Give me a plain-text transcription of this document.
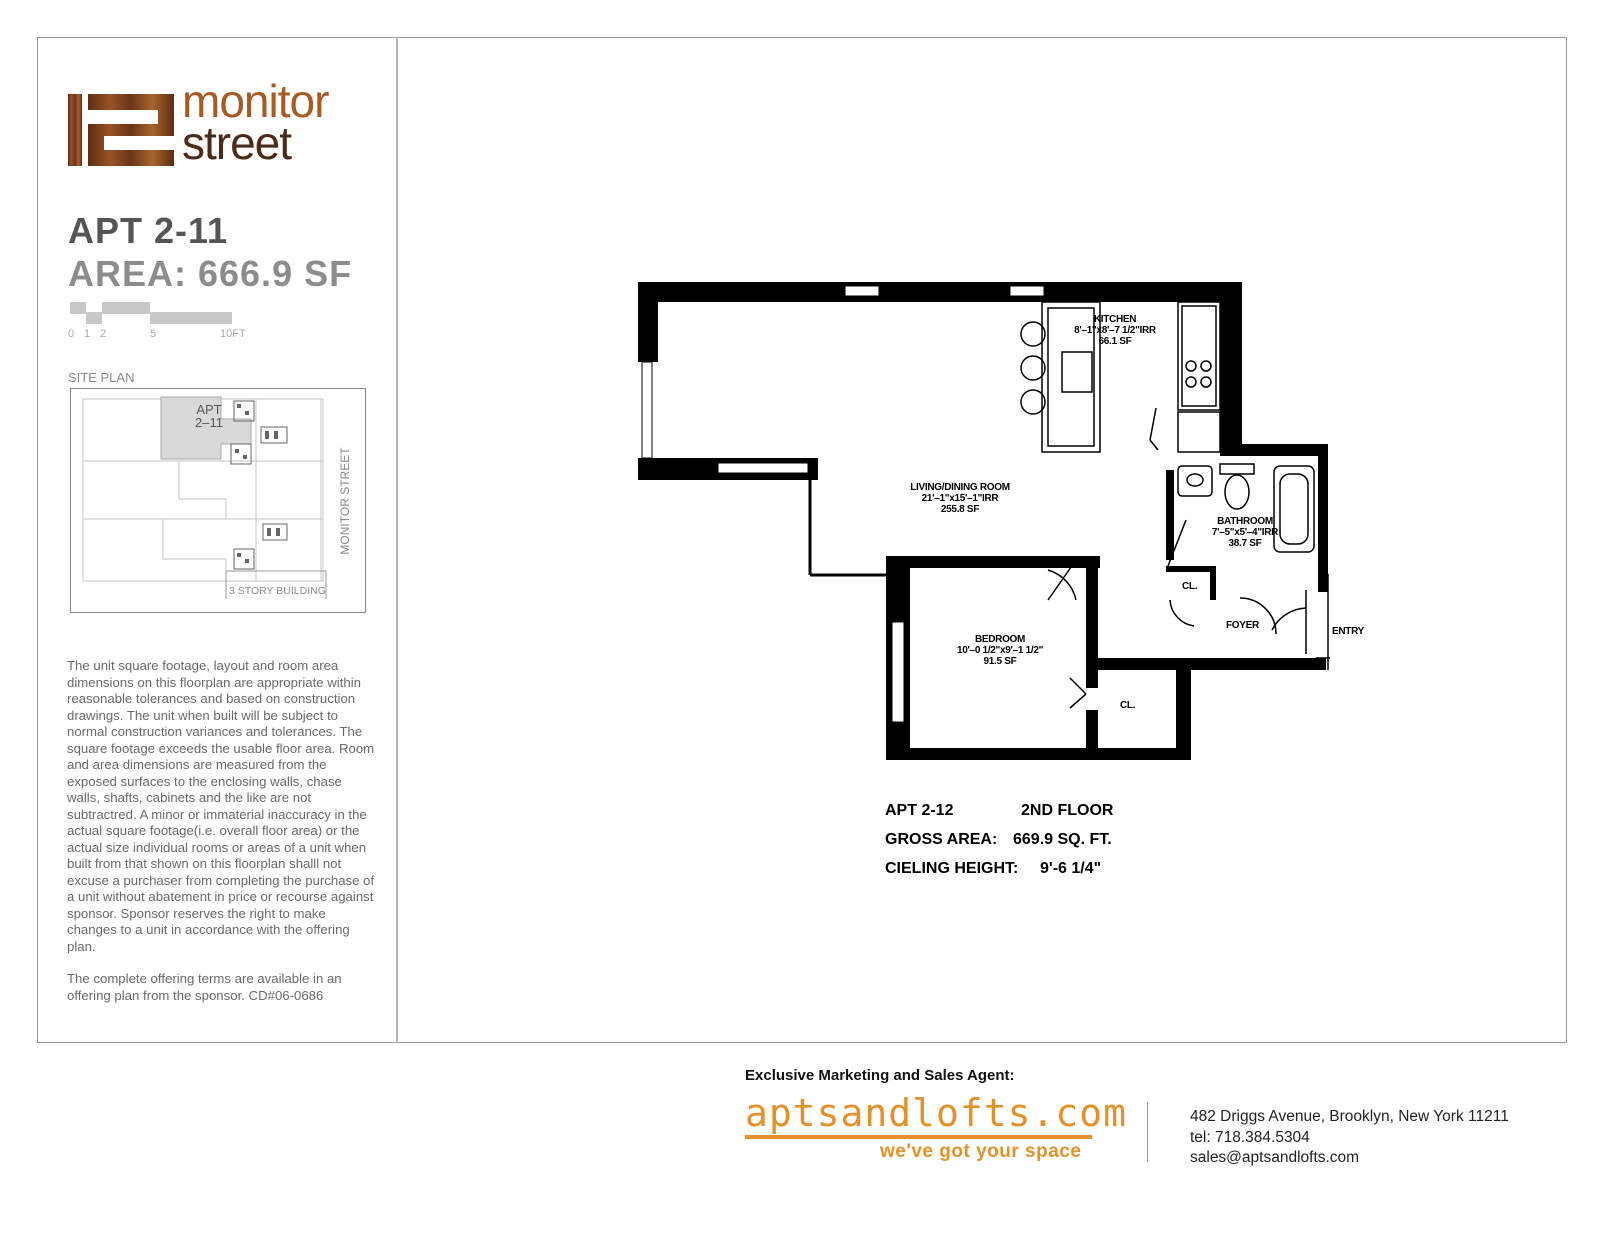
monitor
street
APT 2-11
AREA: 666.9 SF
0 1 2	5	10FT
SITE PLAN
APT
2–11
MONITOR STREET
3 STORY BUILDING

The unit square footage, layout and room area dimensions on this floorplan are appropriate within reasonable tolerances and based on construction drawings. The unit when built will be subject to normal construction variances and tolerances. The square footage exceeds the usable floor area. Room and area dimensions are measured from the exposed surfaces to the enclosing walls, chase walls, shafts, cabinets and the like are not subtractred. A minor or immaterial inaccuracy in the actual square footage(i.e. overall floor area) or the actual size individual rooms or areas of a unit when built from that shown on this floorplan shalll not excuse a purchaser from completing the purchase of a unit without abatement in price or recourse against sponsor. Sponsor reserves the right to make changes to a unit in accordance with the offering plan.

The complete offering terms are available in an offering plan from the sponsor. CD#06-0686

KITCHEN
8'–1"x8'–7 1/2"IRR
66.1 SF
LIVING/DINING ROOM
21'–1"x15'–1"IRR
255.8 SF
BATHROOM
7'–5"x5'–4"IRR
38.7 SF
BEDROOM
10'–0 1/2"x9'–1 1/2"
91.5 SF
CL.
CL.
FOYER
ENTRY
APT 2-12	2ND FLOOR
GROSS AREA: 669.9 SQ. FT.
CIELING HEIGHT: 9'-6 1/4"
Exclusive Marketing and Sales Agent:
aptsandlofts.com
we've got your space
482 Driggs Avenue, Brooklyn, New York 11211
tel: 718.384.5304
sales@aptsandlofts.com
